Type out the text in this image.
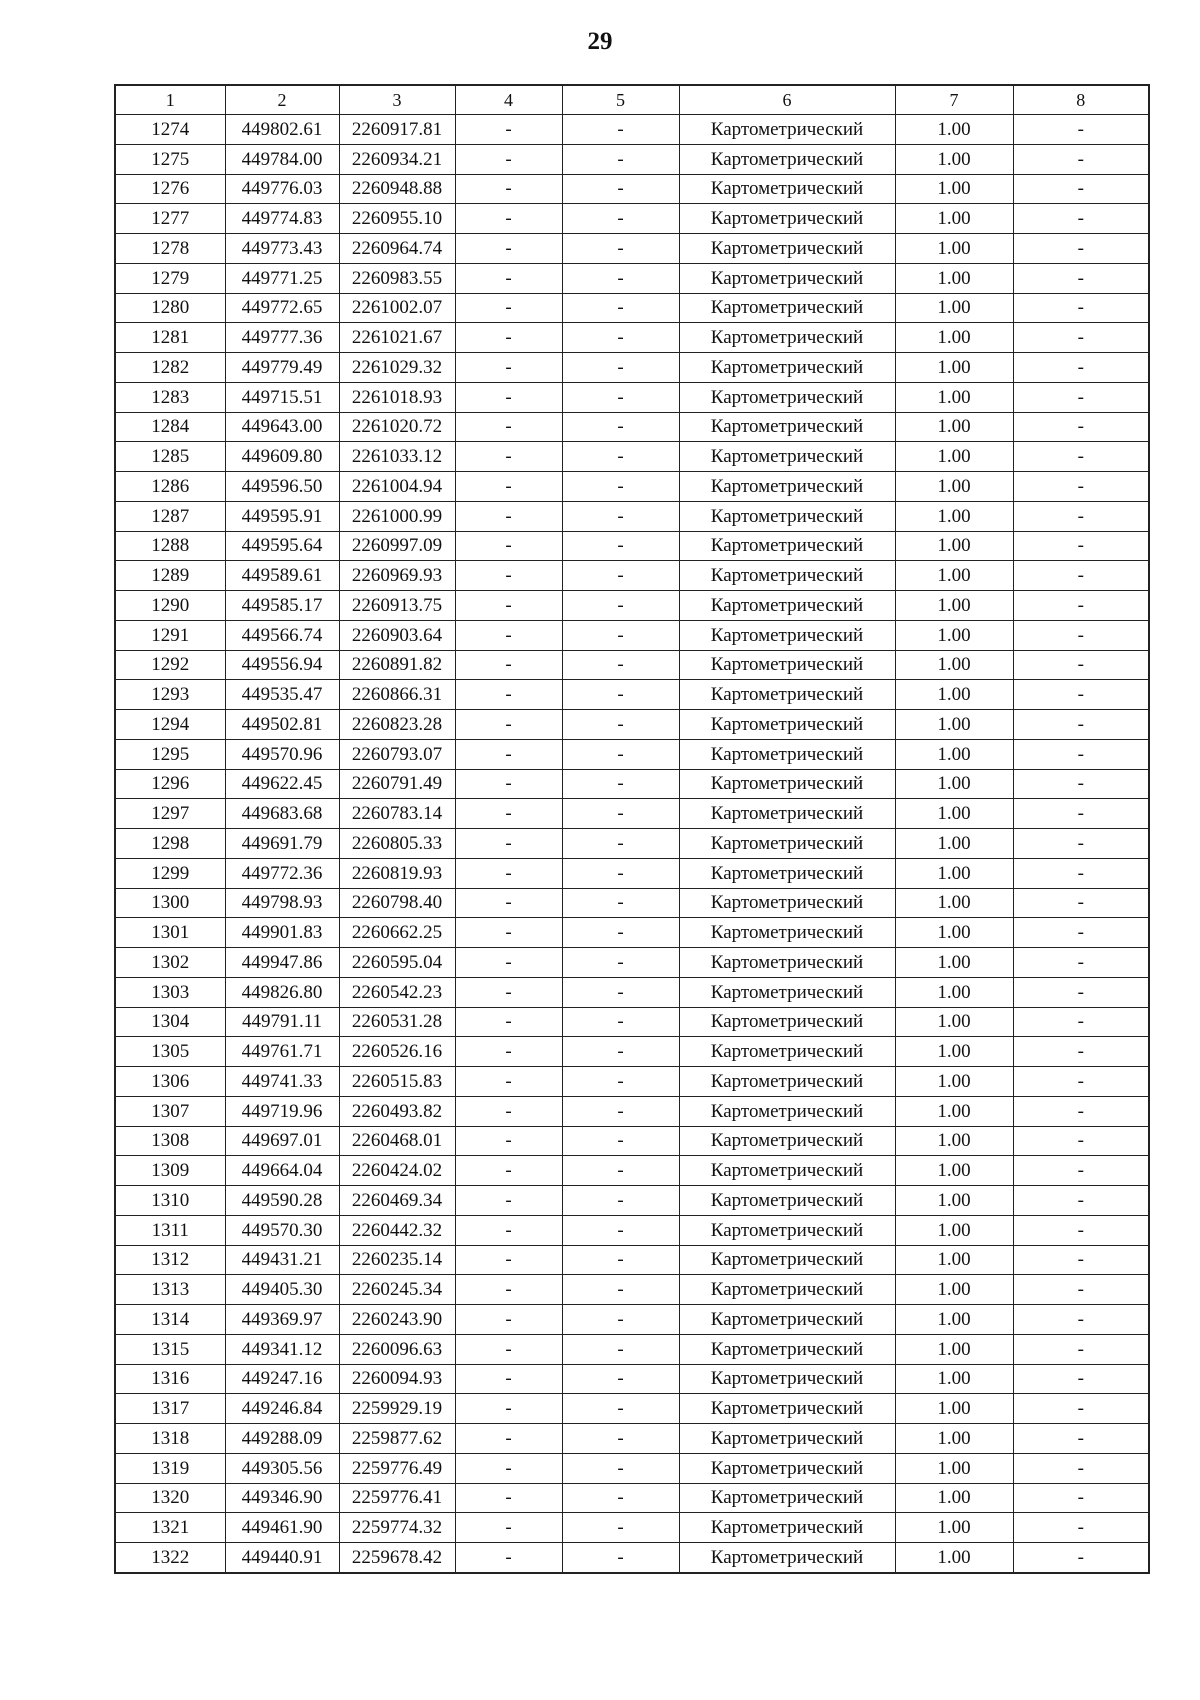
29
1	2	3	4	5	6	7	8
1274	449802.61	2260917.81	-	-	Картометрический	1.00	-
1275	449784.00	2260934.21	-	-	Картометрический	1.00	-
1276	449776.03	2260948.88	-	-	Картометрический	1.00	-
1277	449774.83	2260955.10	-	-	Картометрический	1.00	-
1278	449773.43	2260964.74	-	-	Картометрический	1.00	-
1279	449771.25	2260983.55	-	-	Картометрический	1.00	-
1280	449772.65	2261002.07	-	-	Картометрический	1.00	-
1281	449777.36	2261021.67	-	-	Картометрический	1.00	-
1282	449779.49	2261029.32	-	-	Картометрический	1.00	-
1283	449715.51	2261018.93	-	-	Картометрический	1.00	-
1284	449643.00	2261020.72	-	-	Картометрический	1.00	-
1285	449609.80	2261033.12	-	-	Картометрический	1.00	-
1286	449596.50	2261004.94	-	-	Картометрический	1.00	-
1287	449595.91	2261000.99	-	-	Картометрический	1.00	-
1288	449595.64	2260997.09	-	-	Картометрический	1.00	-
1289	449589.61	2260969.93	-	-	Картометрический	1.00	-
1290	449585.17	2260913.75	-	-	Картометрический	1.00	-
1291	449566.74	2260903.64	-	-	Картометрический	1.00	-
1292	449556.94	2260891.82	-	-	Картометрический	1.00	-
1293	449535.47	2260866.31	-	-	Картометрический	1.00	-
1294	449502.81	2260823.28	-	-	Картометрический	1.00	-
1295	449570.96	2260793.07	-	-	Картометрический	1.00	-
1296	449622.45	2260791.49	-	-	Картометрический	1.00	-
1297	449683.68	2260783.14	-	-	Картометрический	1.00	-
1298	449691.79	2260805.33	-	-	Картометрический	1.00	-
1299	449772.36	2260819.93	-	-	Картометрический	1.00	-
1300	449798.93	2260798.40	-	-	Картометрический	1.00	-
1301	449901.83	2260662.25	-	-	Картометрический	1.00	-
1302	449947.86	2260595.04	-	-	Картометрический	1.00	-
1303	449826.80	2260542.23	-	-	Картометрический	1.00	-
1304	449791.11	2260531.28	-	-	Картометрический	1.00	-
1305	449761.71	2260526.16	-	-	Картометрический	1.00	-
1306	449741.33	2260515.83	-	-	Картометрический	1.00	-
1307	449719.96	2260493.82	-	-	Картометрический	1.00	-
1308	449697.01	2260468.01	-	-	Картометрический	1.00	-
1309	449664.04	2260424.02	-	-	Картометрический	1.00	-
1310	449590.28	2260469.34	-	-	Картометрический	1.00	-
1311	449570.30	2260442.32	-	-	Картометрический	1.00	-
1312	449431.21	2260235.14	-	-	Картометрический	1.00	-
1313	449405.30	2260245.34	-	-	Картометрический	1.00	-
1314	449369.97	2260243.90	-	-	Картометрический	1.00	-
1315	449341.12	2260096.63	-	-	Картометрический	1.00	-
1316	449247.16	2260094.93	-	-	Картометрический	1.00	-
1317	449246.84	2259929.19	-	-	Картометрический	1.00	-
1318	449288.09	2259877.62	-	-	Картометрический	1.00	-
1319	449305.56	2259776.49	-	-	Картометрический	1.00	-
1320	449346.90	2259776.41	-	-	Картометрический	1.00	-
1321	449461.90	2259774.32	-	-	Картометрический	1.00	-
1322	449440.91	2259678.42	-	-	Картометрический	1.00	-
